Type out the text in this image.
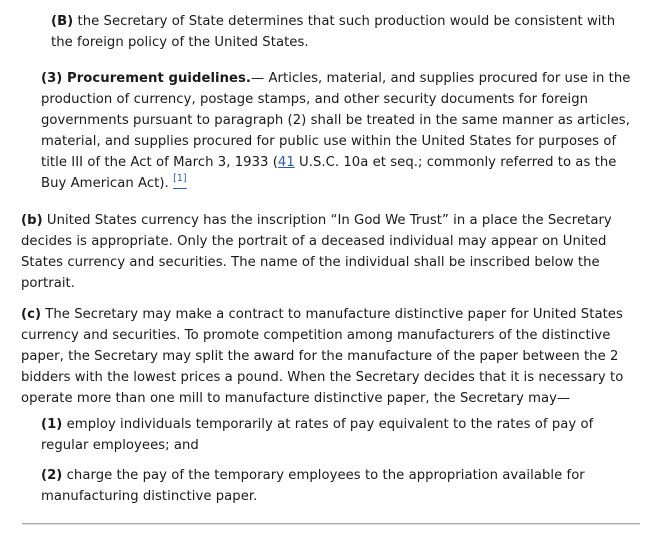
(B) the Secretary of State determines that such production would be consistent with the foreign policy of the United States.

(3) Procurement guidelines.— Articles, material, and supplies procured for use in the production of currency, postage stamps, and other security documents for foreign governments pursuant to paragraph (2) shall be treated in the same manner as articles, material, and supplies procured for public use within the United States for purposes of title III of the Act of March 3, 1933 (41 U.S.C. 10a et seq.; commonly referred to as the Buy American Act). [1]

(b) United States currency has the inscription “In God We Trust” in a place the Secretary decides is appropriate. Only the portrait of a deceased individual may appear on United States currency and securities. The name of the individual shall be inscribed below the portrait.

(c) The Secretary may make a contract to manufacture distinctive paper for United States currency and securities. To promote competition among manufacturers of the distinctive paper, the Secretary may split the award for the manufacture of the paper between the 2 bidders with the lowest prices a pound. When the Secretary decides that it is necessary to operate more than one mill to manufacture distinctive paper, the Secretary may—

(1) employ individuals temporarily at rates of pay equivalent to the rates of pay of regular employees; and

(2) charge the pay of the temporary employees to the appropriation available for manufacturing distinctive paper.
